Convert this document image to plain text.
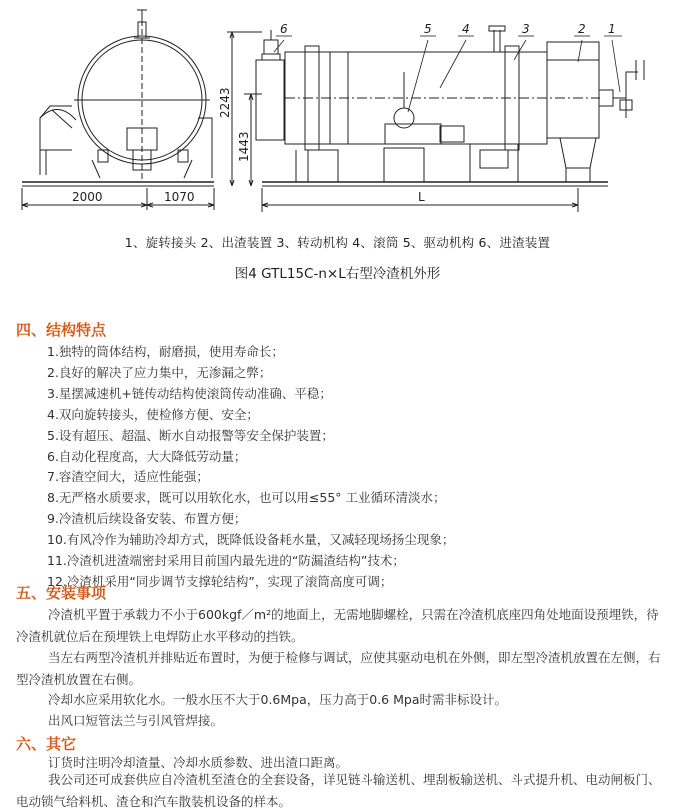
1
2
3
4
5
6
2000	1070	L
2243
1443
1、旋转接头 2、出渣装置 3、转动机构 4、滚筒 5、驱动机构 6、进渣装置
图4 GTL15C-n×L右型冷渣机外形
四、结构特点
1.独特的筒体结构，耐磨损，使用寿命长；
2.良好的解决了应力集中，无渗漏之弊；
3.星摆减速机+链传动结构使滚筒传动准确、平稳；
4.双向旋转接头，使检修方便、安全；
5.设有超压、超温、断水自动报警等安全保护装置；
6.自动化程度高，大大降低劳动量；
7.容渣空间大，适应性能强；
8.无严格水质要求，既可以用软化水，也可以用≤55° 工业循环清淡水；
9.冷渣机后续设备安装、布置方便；
10.有风冷作为辅助冷却方式，既降低设备耗水量，又减轻现场扬尘现象；
11.冷渣机进渣端密封采用目前国内最先进的“防漏渣结构”技术；
12.冷渣机采用“同步调节支撑轮结构”，实现了滚筒高度可调；
五、安装事项

冷渣机平置于承载力不小于600kgf／m²的地面上，无需地脚螺栓，只需在冷渣机底座四角处地面设预埋铁，待冷渣机就位后在预埋铁上电焊防止水平移动的挡铁。

当左右两型冷渣机并排贴近布置时，为便于检修与调试，应使其驱动电机在外侧，即左型冷渣机放置在左侧，右型冷渣机放置在右侧。

冷却水应采用软化水。一般水压不大于0.6Mpa，压力高于0.6 Mpa时需非标设计。

出风口短管法兰与引风管焊接。

六、其它

订货时注明冷却渣量、冷却水质参数、进出渣口距离。

我公司还可成套供应自冷渣机至渣仓的全套设备，详见链斗输送机、埋刮板输送机、斗式提升机、电动闸板门、电动锁气给料机、渣仓和汽车散装机设备的样本。
